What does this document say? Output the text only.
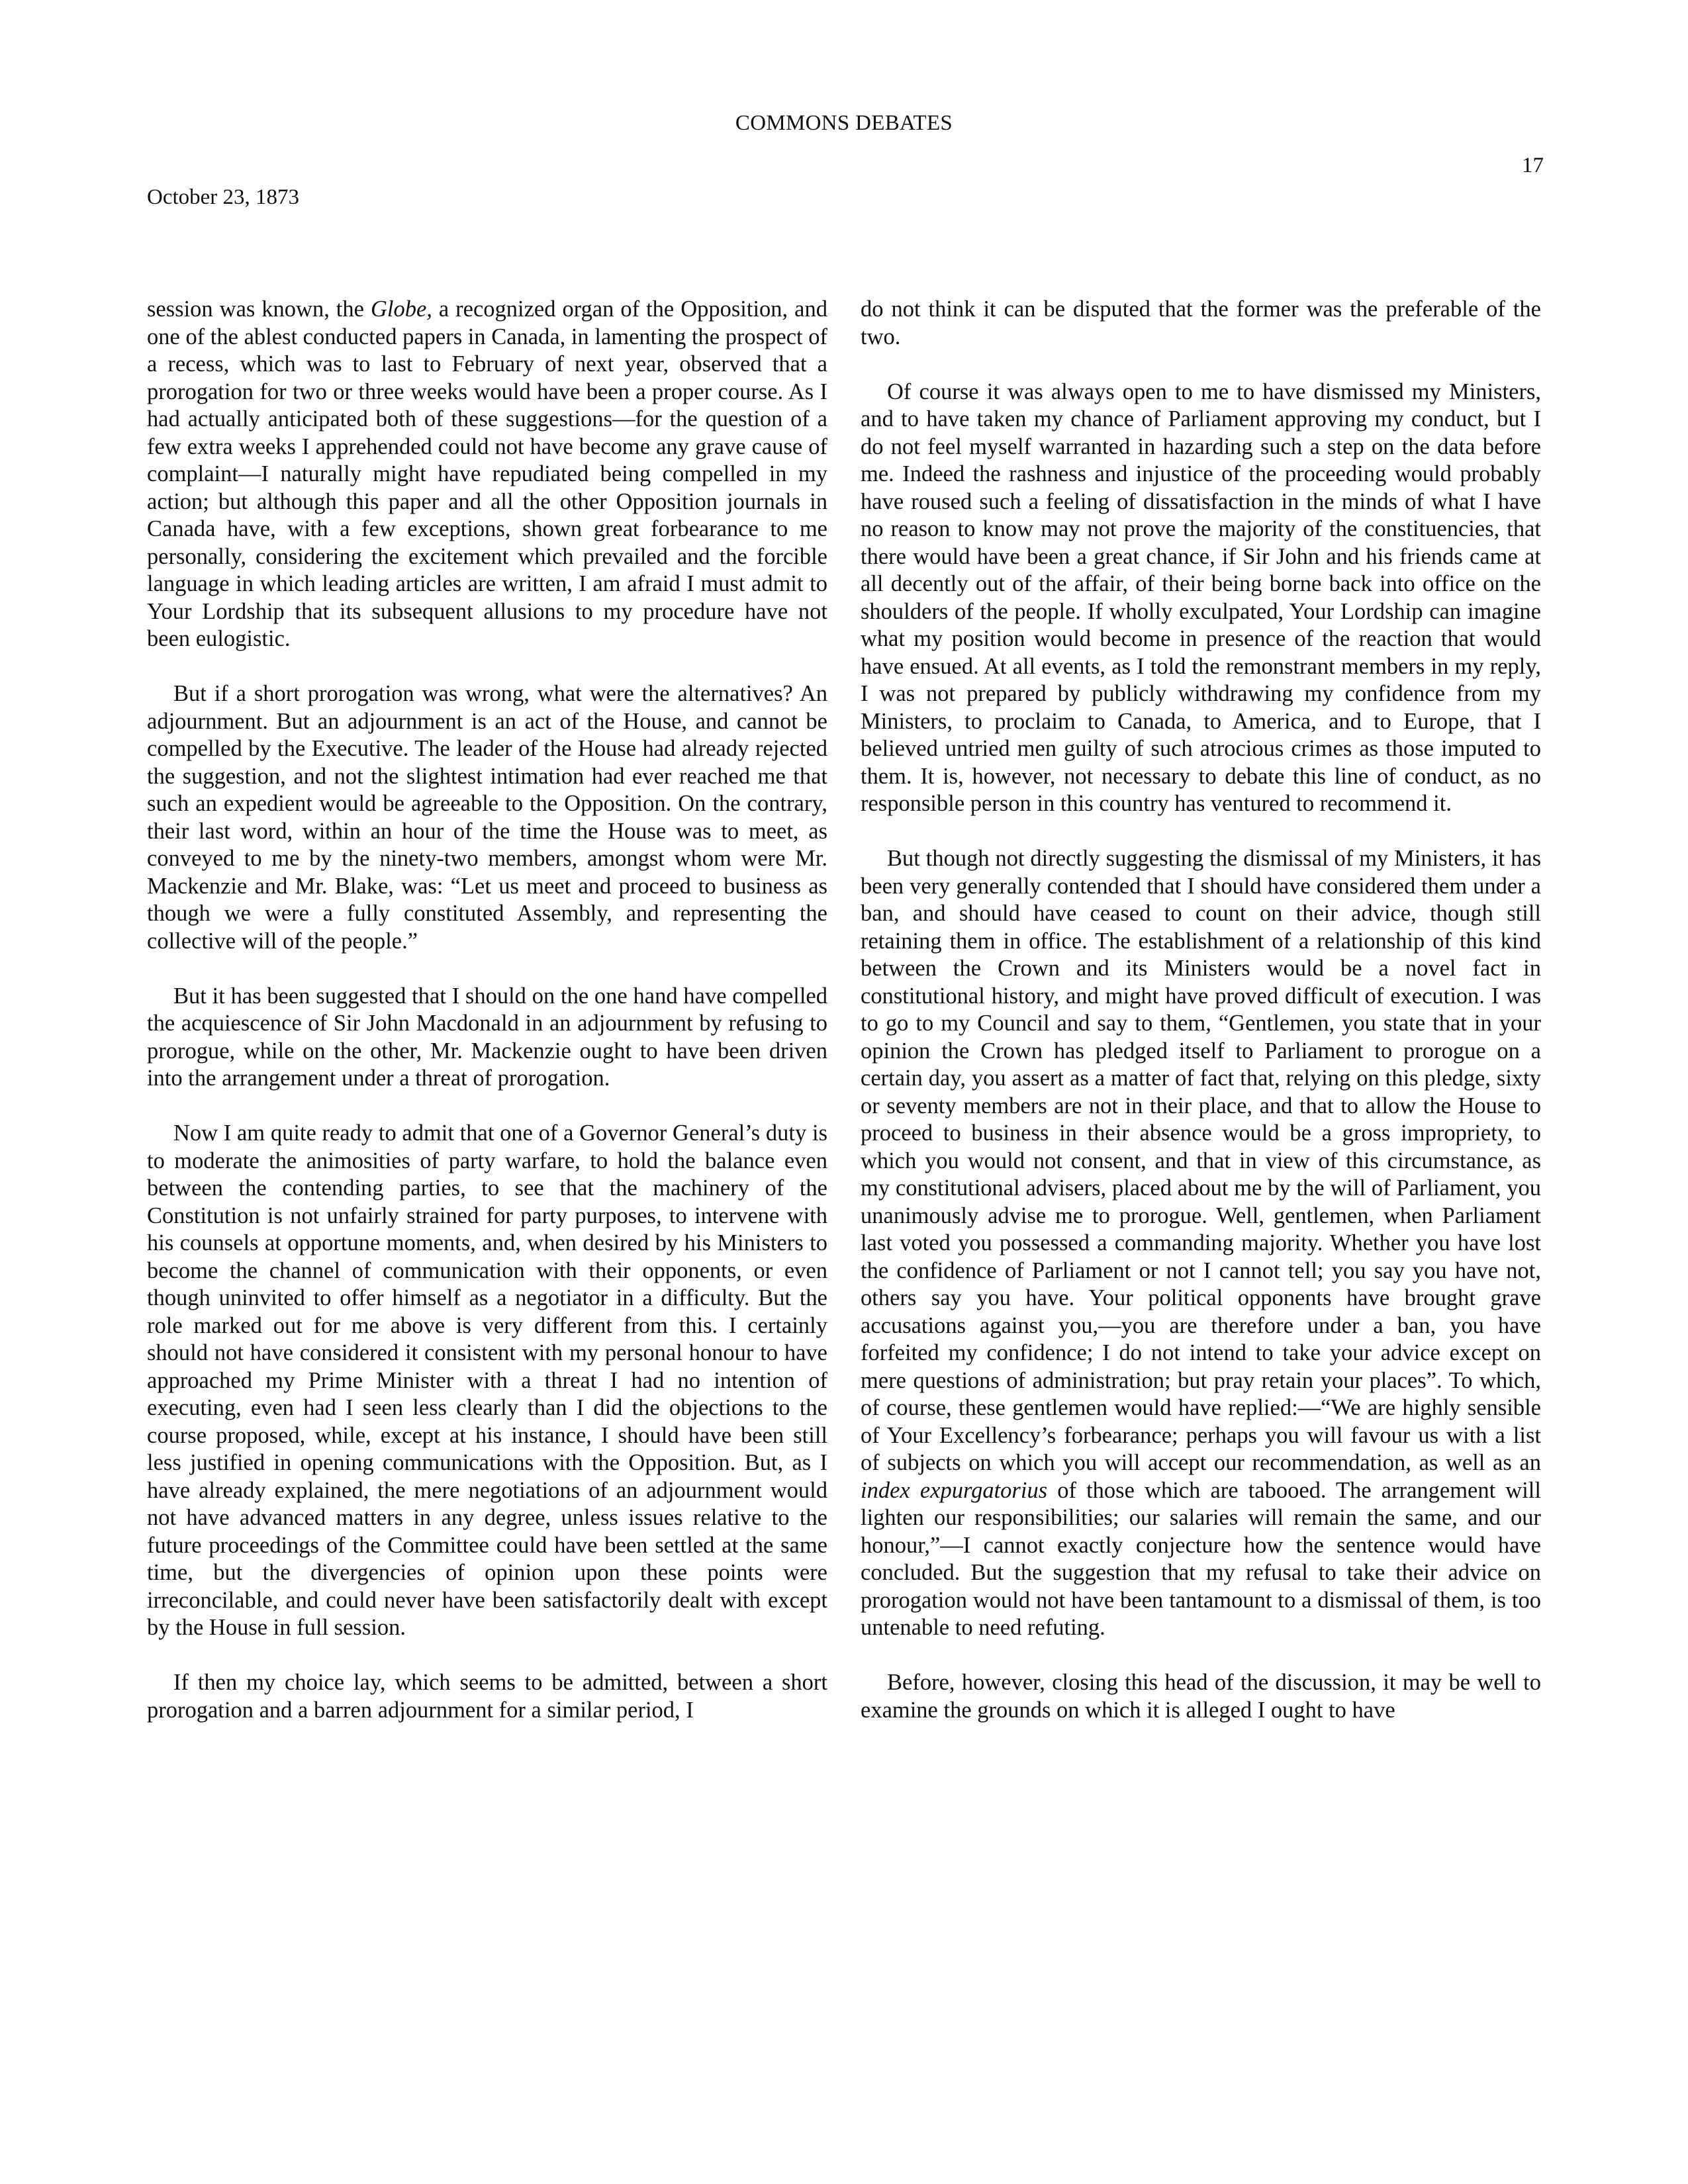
COMMONS DEBATES
17
October 23, 1873

session was known, the Globe, a recognized organ of the Opposition, and one of the ablest conducted papers in Canada, in lamenting the prospect of a recess, which was to last to February of next year, observed that a prorogation for two or three weeks would have been a proper course. As I had actually anticipated both of these suggestions—for the question of a few extra weeks I apprehended could not have become any grave cause of complaint—I naturally might have repudiated being compelled in my action; but although this paper and all the other Opposition journals in Canada have, with a few exceptions, shown great forbearance to me personally, considering the excitement which prevailed and the forcible language in which leading articles are written, I am afraid I must admit to Your Lordship that its subsequent allusions to my procedure have not been eulogistic.

But if a short prorogation was wrong, what were the alternatives? An adjournment. But an adjournment is an act of the House, and cannot be compelled by the Executive. The leader of the House had already rejected the suggestion, and not the slightest intimation had ever reached me that such an expedient would be agreeable to the Opposition. On the contrary, their last word, within an hour of the time the House was to meet, as conveyed to me by the ninety-two members, amongst whom were Mr. Mackenzie and Mr. Blake, was: “Let us meet and proceed to business as though we were a fully constituted Assembly, and representing the collective will of the people.”

But it has been suggested that I should on the one hand have compelled the acquiescence of Sir John Macdonald in an adjournment by refusing to prorogue, while on the other, Mr. Mackenzie ought to have been driven into the arrangement under a threat of prorogation.

Now I am quite ready to admit that one of a Governor General’s duty is to moderate the animosities of party warfare, to hold the balance even between the contending parties, to see that the machinery of the Constitution is not unfairly strained for party purposes, to intervene with his counsels at opportune moments, and, when desired by his Ministers to become the channel of communication with their opponents, or even though uninvited to offer himself as a negotiator in a difficulty. But the role marked out for me above is very different from this. I certainly should not have considered it consistent with my personal honour to have approached my Prime Minister with a threat I had no intention of executing, even had I seen less clearly than I did the objections to the course proposed, while, except at his instance, I should have been still less justified in opening communications with the Opposition. But, as I have already explained, the mere negotiations of an adjournment would not have advanced matters in any degree, unless issues relative to the future proceedings of the Committee could have been settled at the same time, but the divergencies of opinion upon these points were irreconcilable, and could never have been satisfactorily dealt with except by the House in full session.

If then my choice lay, which seems to be admitted, between a short prorogation and a barren adjournment for a similar period, I

do not think it can be disputed that the former was the preferable of the two.

Of course it was always open to me to have dismissed my Ministers, and to have taken my chance of Parliament approving my conduct, but I do not feel myself warranted in hazarding such a step on the data before me. Indeed the rashness and injustice of the proceeding would probably have roused such a feeling of dissatisfaction in the minds of what I have no reason to know may not prove the majority of the constituencies, that there would have been a great chance, if Sir John and his friends came at all decently out of the affair, of their being borne back into office on the shoulders of the people. If wholly exculpated, Your Lordship can imagine what my position would become in presence of the reaction that would have ensued. At all events, as I told the remonstrant members in my reply, I was not prepared by publicly withdrawing my confidence from my Ministers, to proclaim to Canada, to America, and to Europe, that I believed untried men guilty of such atrocious crimes as those imputed to them. It is, however, not necessary to debate this line of conduct, as no responsible person in this country has ventured to recommend it.

But though not directly suggesting the dismissal of my Ministers, it has been very generally contended that I should have considered them under a ban, and should have ceased to count on their advice, though still retaining them in office. The establishment of a relationship of this kind between the Crown and its Ministers would be a novel fact in constitutional history, and might have proved difficult of execution. I was to go to my Council and say to them, “Gentlemen, you state that in your opinion the Crown has pledged itself to Parliament to prorogue on a certain day, you assert as a matter of fact that, relying on this pledge, sixty or seventy members are not in their place, and that to allow the House to proceed to business in their absence would be a gross impropriety, to which you would not consent, and that in view of this circumstance, as my constitutional advisers, placed about me by the will of Parliament, you unanimously advise me to prorogue. Well, gentlemen, when Parliament last voted you possessed a commanding majority. Whether you have lost the confidence of Parliament or not I cannot tell; you say you have not, others say you have. Your political opponents have brought grave accusations against you,—you are therefore under a ban, you have forfeited my confidence; I do not intend to take your advice except on mere questions of administration; but pray retain your places”. To which, of course, these gentlemen would have replied:—“We are highly sensible of Your Excellency’s forbearance; perhaps you will favour us with a list of subjects on which you will accept our recommendation, as well as an index expurgatorius of those which are tabooed. The arrangement will lighten our responsibilities; our salaries will remain the same, and our honour,”—I cannot exactly conjecture how the sentence would have concluded. But the suggestion that my refusal to take their advice on prorogation would not have been tantamount to a dismissal of them, is too untenable to need refuting.

Before, however, closing this head of the discussion, it may be well to examine the grounds on which it is alleged I ought to have
